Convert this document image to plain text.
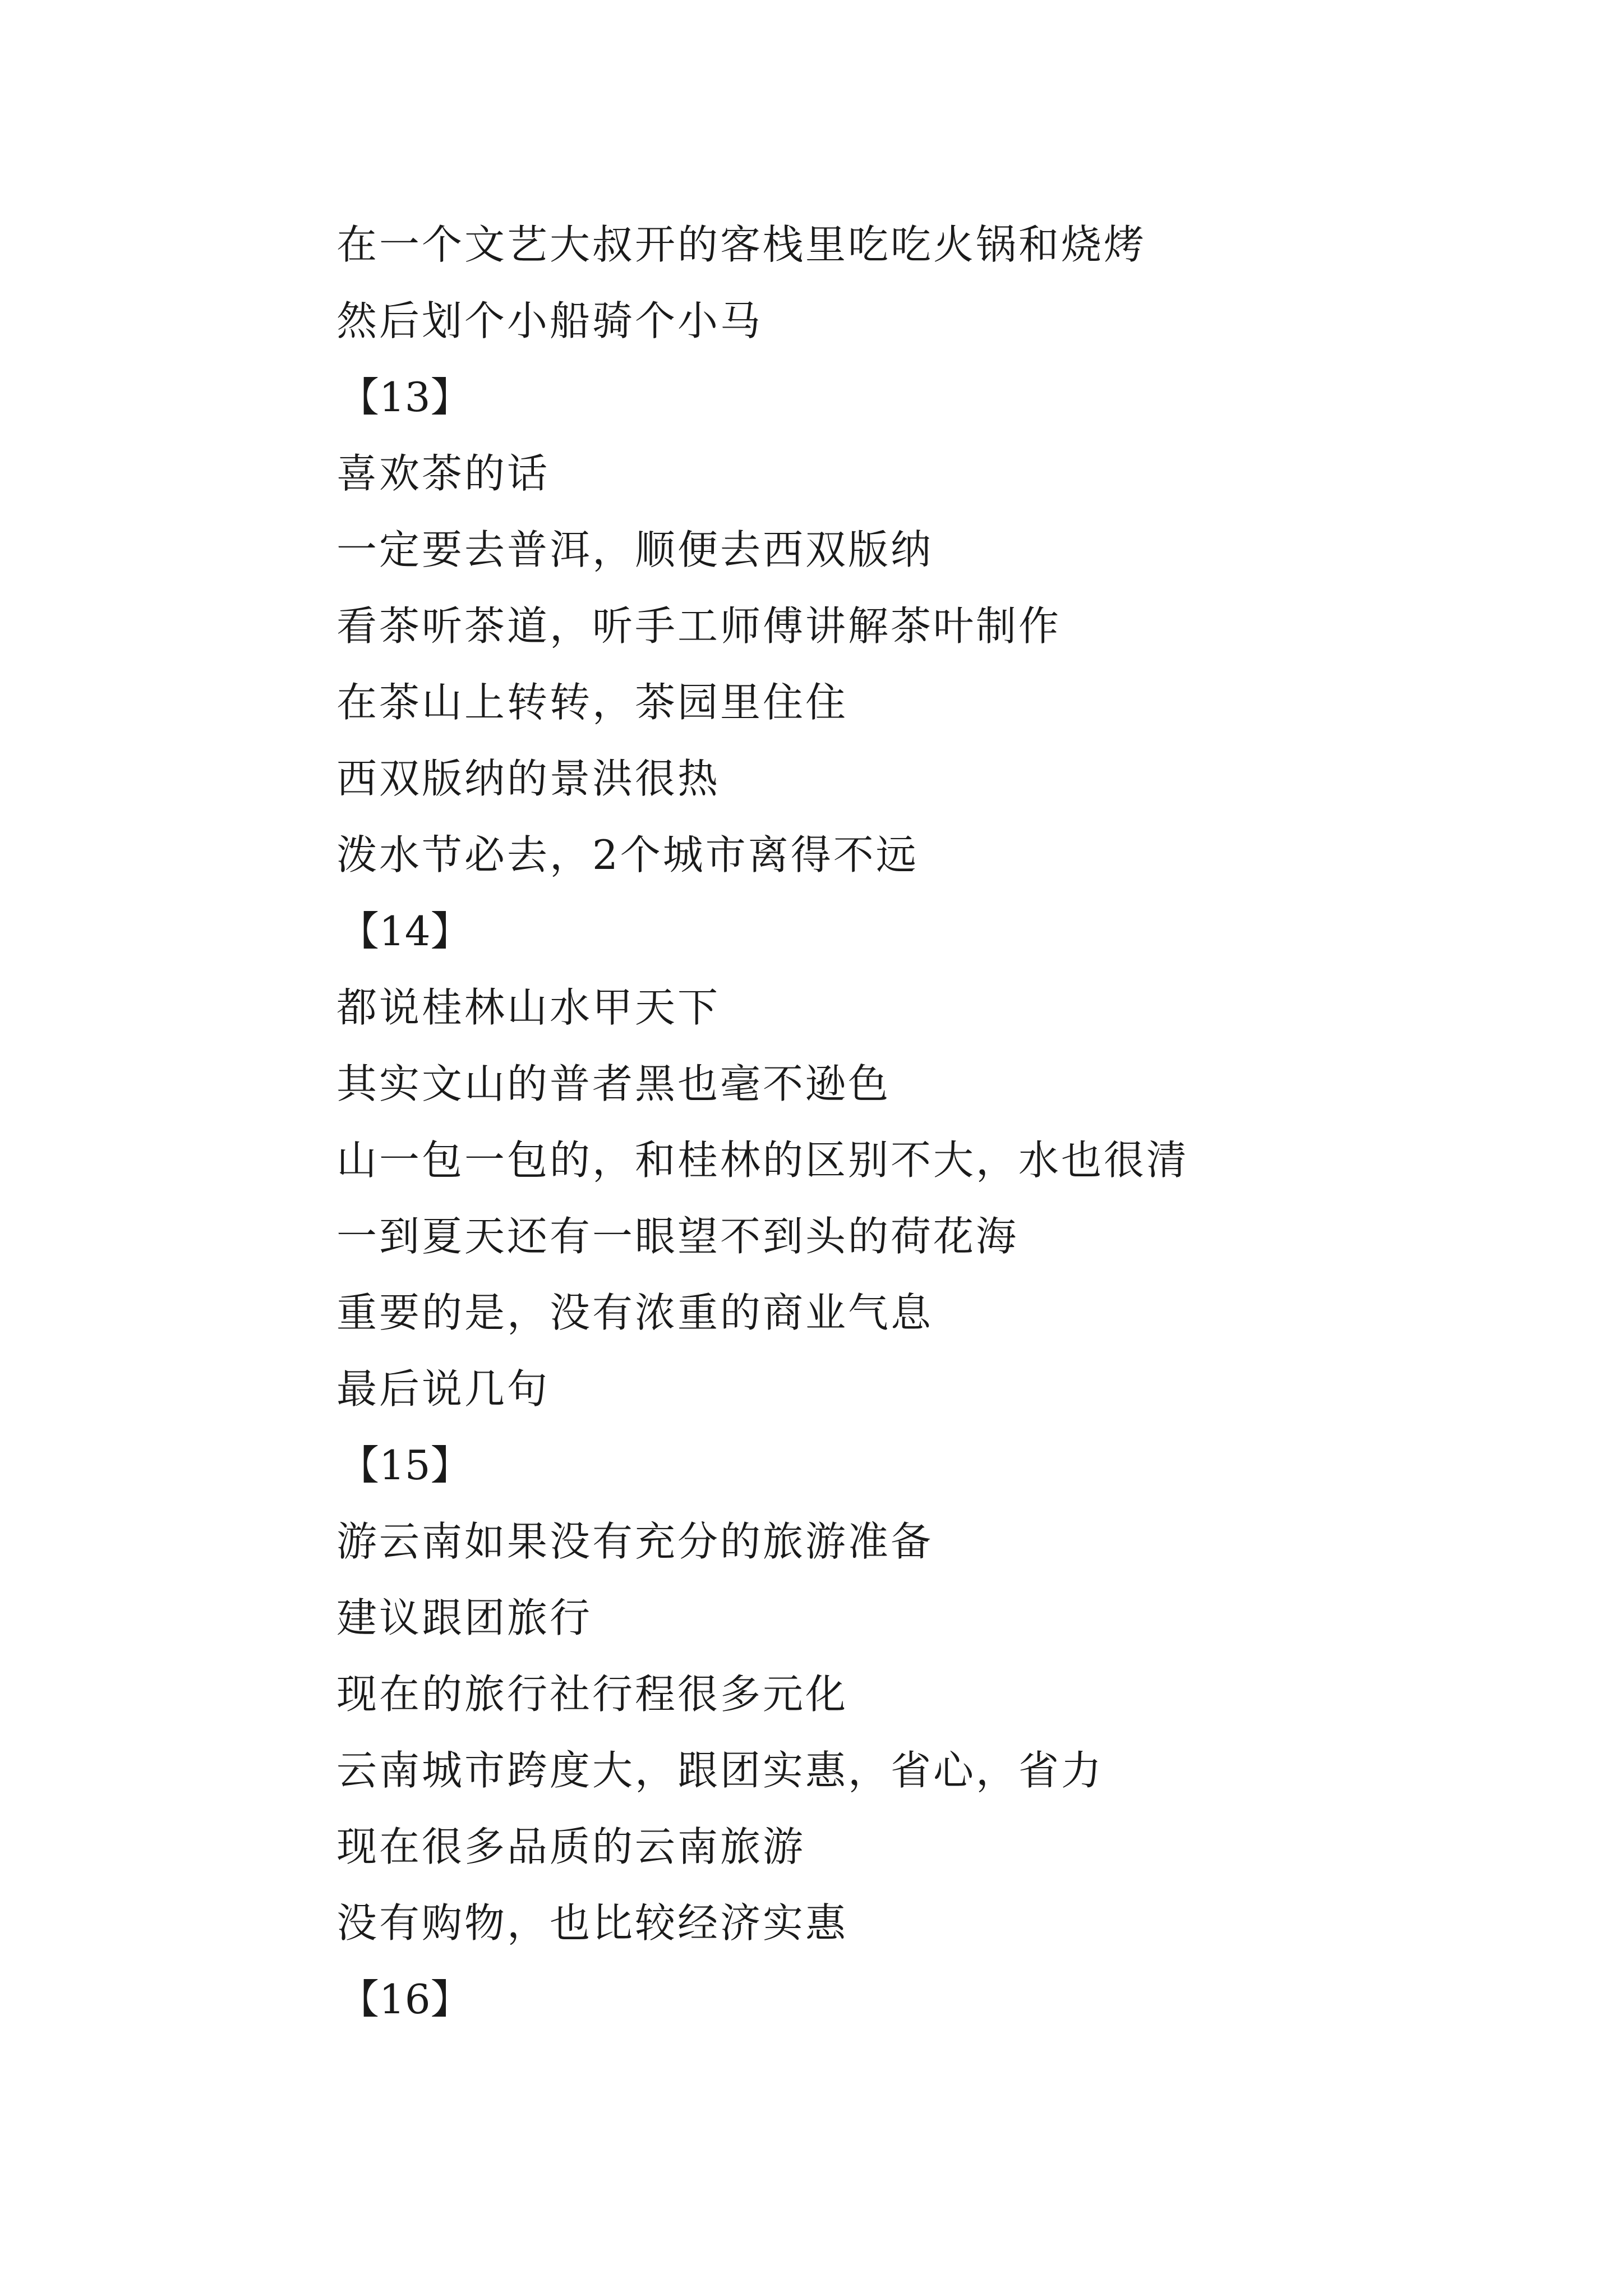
在一个文艺大叔开的客栈里吃吃火锅和烧烤

然后划个小船骑个小马

【13】

喜欢茶的话

一定要去普洱，顺便去西双版纳

看茶听茶道，听手工师傅讲解茶叶制作

在茶山上转转，茶园里住住

西双版纳的景洪很热

泼水节必去，2个城市离得不远

【14】

都说桂林山水甲天下

其实文山的普者黑也毫不逊色

山一包一包的，和桂林的区别不大，水也很清

一到夏天还有一眼望不到头的荷花海

重要的是，没有浓重的商业气息

最后说几句

【15】

游云南如果没有充分的旅游准备

建议跟团旅行

现在的旅行社行程很多元化

云南城市跨度大，跟团实惠，省心，省力

现在很多品质的云南旅游

没有购物，也比较经济实惠

【16】
